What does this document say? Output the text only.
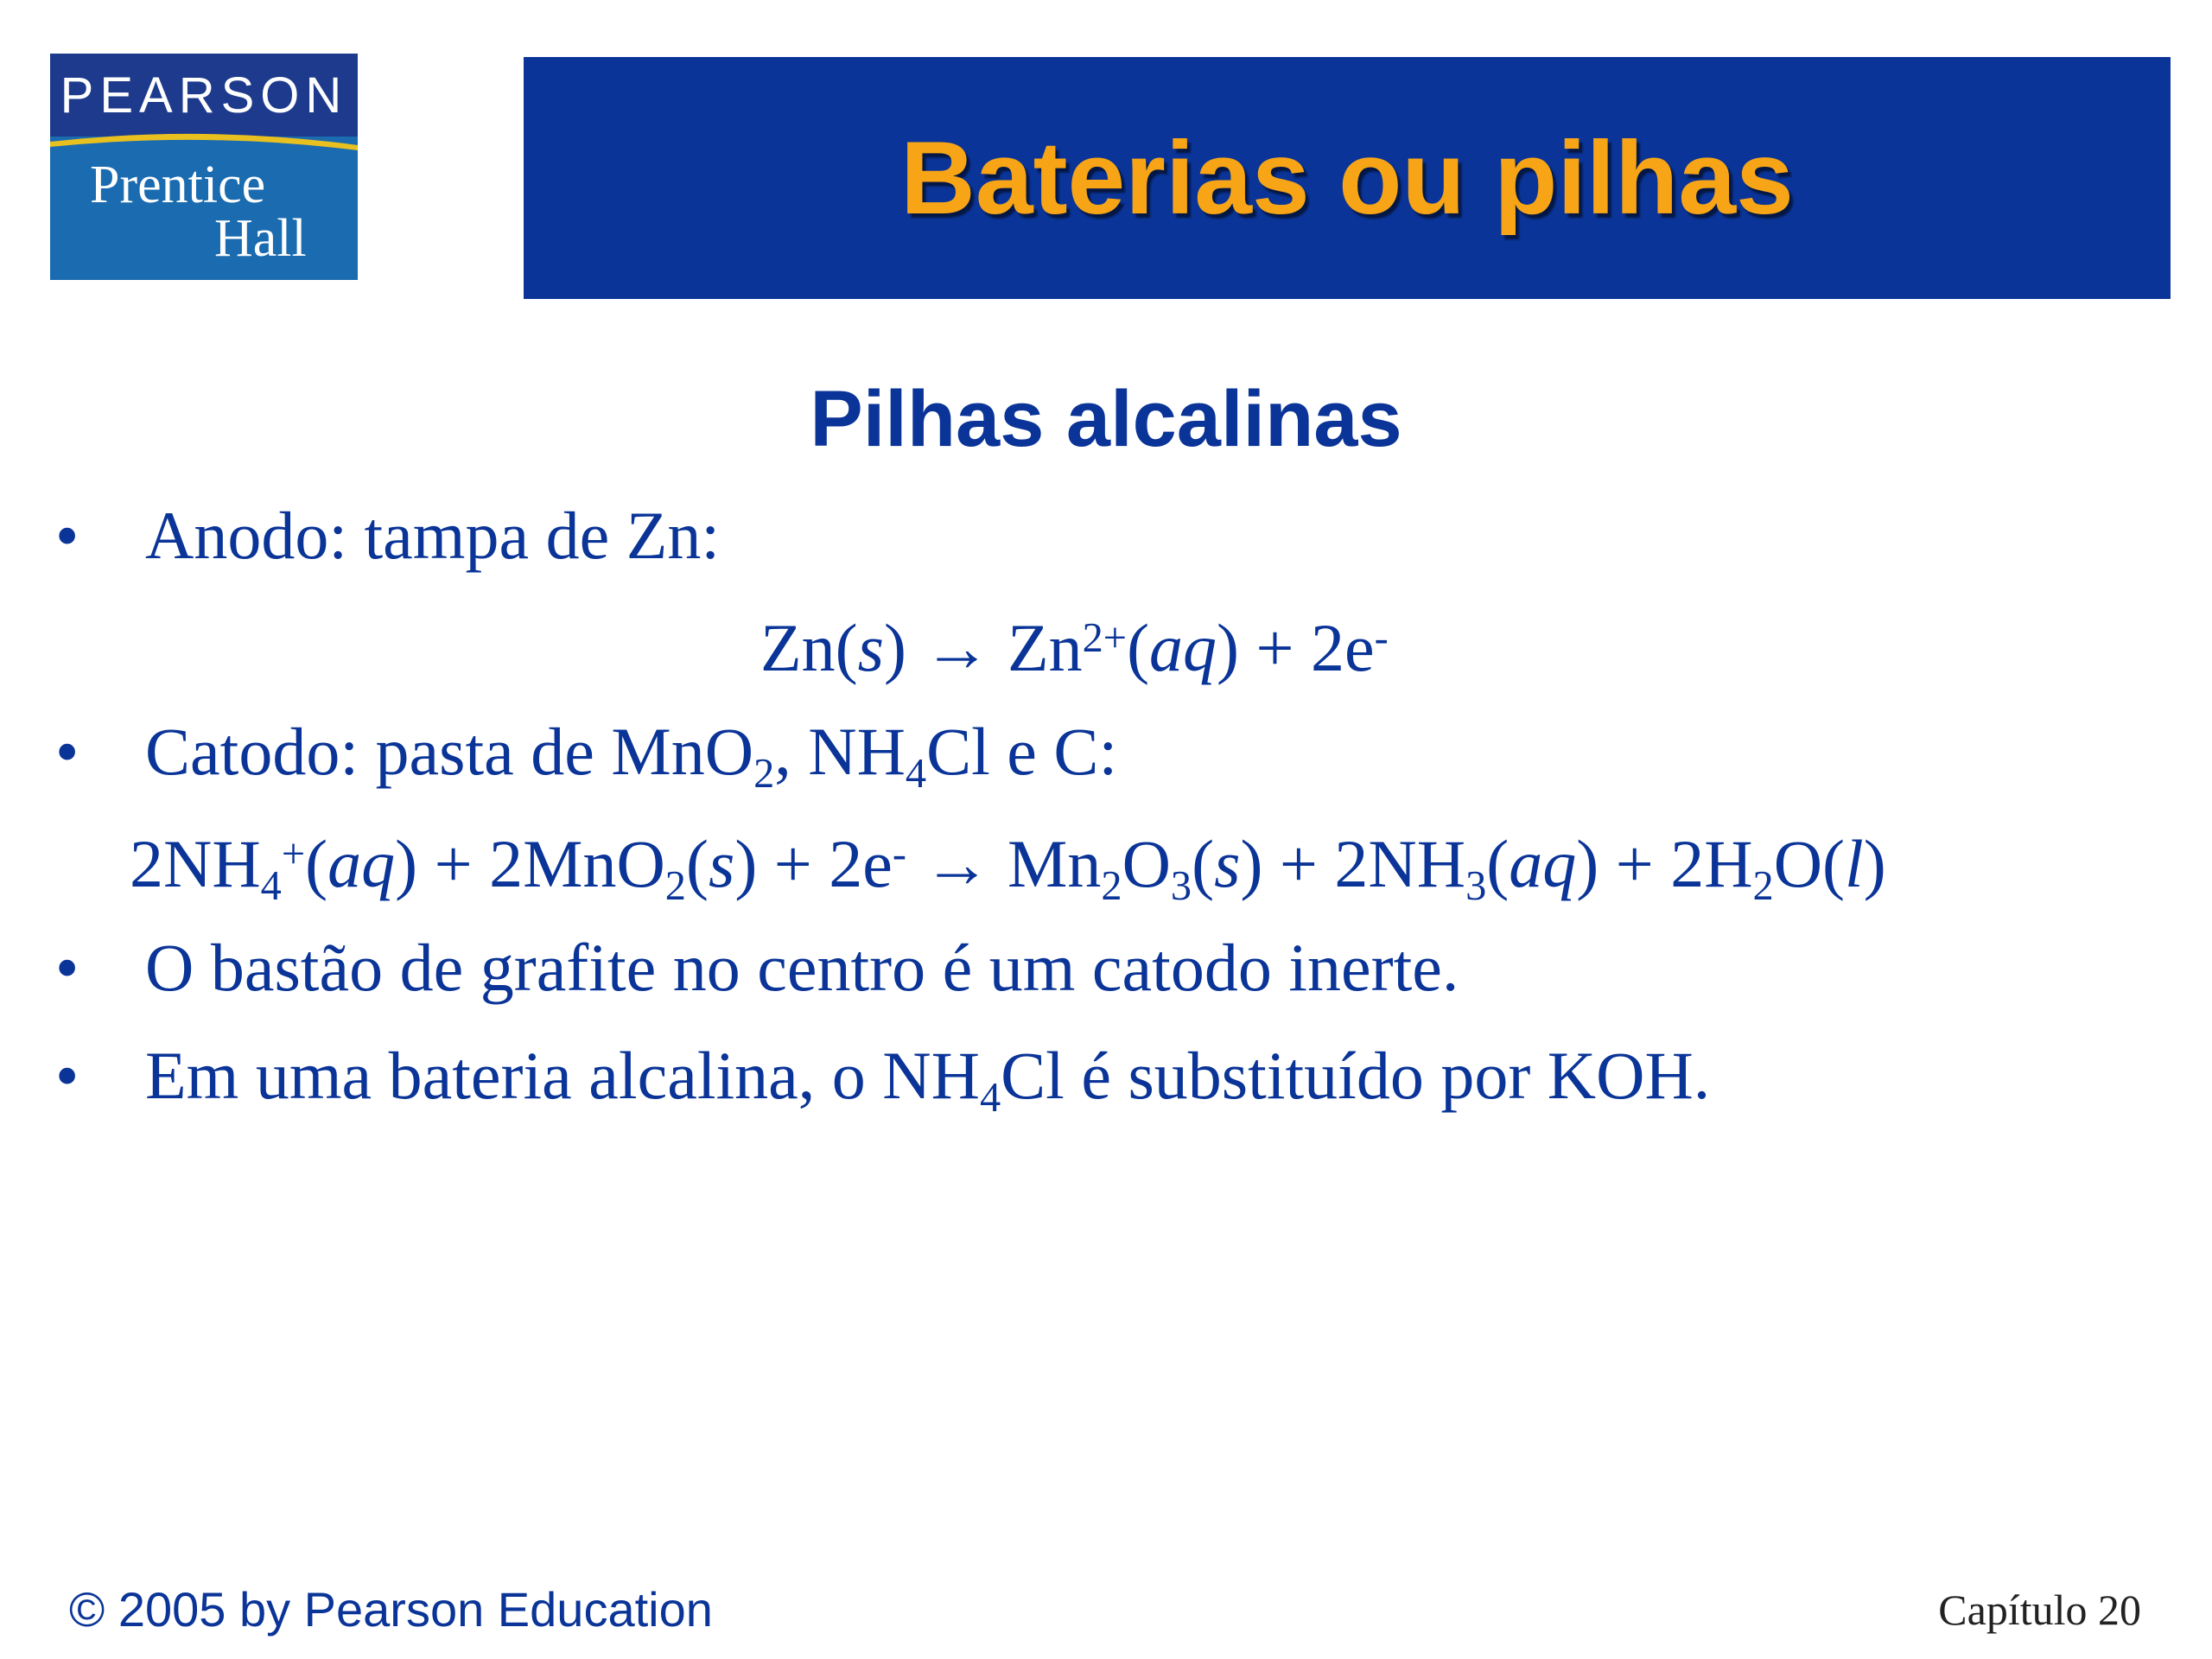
PEARSON
Prentice
Hall
Baterias ou pilhas
Pilhas alcalinas
• Anodo: tampa de Zn:
$Zn(s) \to Zn^{2+}(aq) + 2e^-$
• Catodo: pasta de MnO$_2$, $NH_4Cl$ e C:
$2NH_4^+(aq) + 2MnO_2(s) + 2e^- \to Mn_2O_3(s) + 2NH_3(aq) + 2H_2O(l)$
• O bastão de grafite no centro é um catodo inerte.
• Em uma bateria alcalina, o $NH_4Cl$ é substituído por KOH.
© 2005 by Pearson Education	Capítulo 20
